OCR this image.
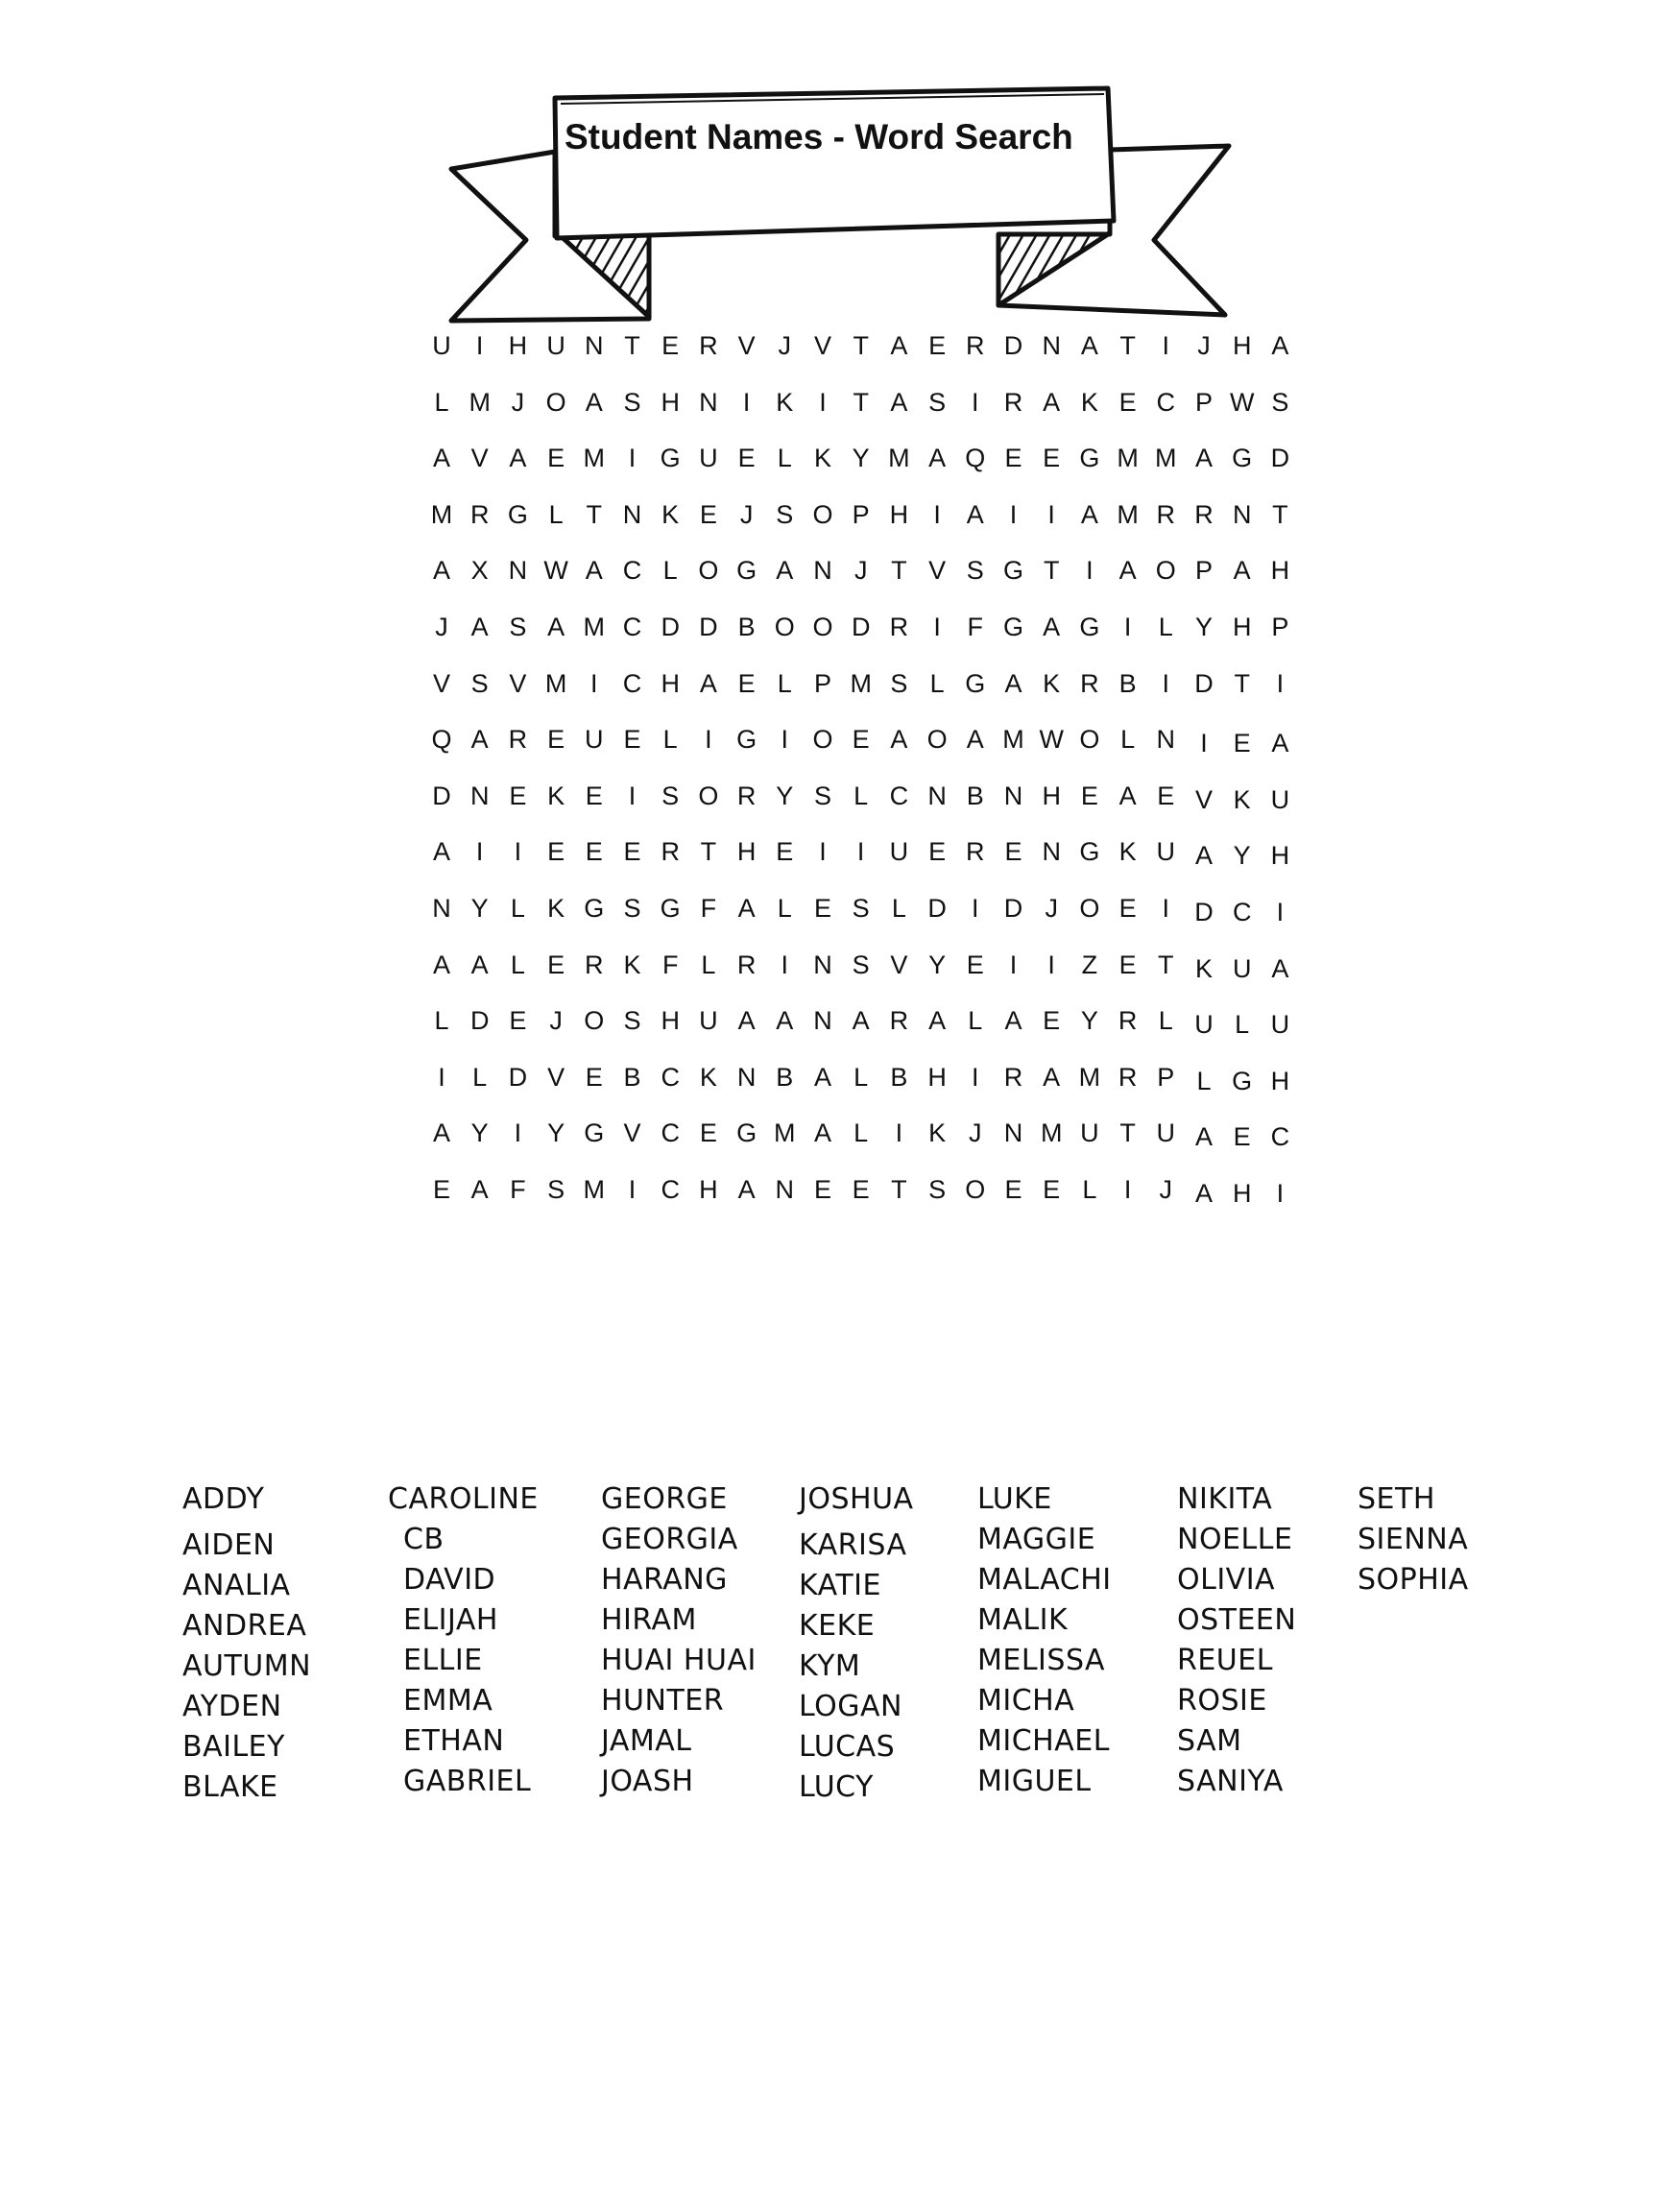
Student Names - Word Search
U I H U N T E R V J V T A E R D N A T	I	J H A
L M J O A S H N I K I	T A S I R A K E C P W S
A V A E M I G U E L K Y M A Q E E G M M A G D
M R G L T N K E J S O P H I A I	I A M R R N T
A X N W A C L O G A N J T V S G T	I A O P A H
J A S A M C D D B O O D R I	F G A G I	L Y H P
V S V M I C H A E L P M S L G A K R B I D T	I
Q A R E U E L	I G I O E A O A M W O L N I E A
D N E K E I S O R Y S L C N B N H E A E V K U
A I	I E E E R T H E I	I U E R E N G K U A Y H
N Y L K G S G F A L E S L D I D J O E I D C I
A A L E R K F L R I N S V Y E I	I	Z E T K U A
L D E J O S H U A A N A R A L A E Y R L U L U
I	L D V E B C K N B A L B H I R A M R P L G H
A Y I Y G V C E G M A L	I K J N M U T U A E C
E A F S M I C H A N E E T S O E E L	I	J A H I
ADDY
AIDEN
ANALIA
ANDREA
AUTUMN
AYDEN
BAILEY
BLAKE
CAROLINE
CB
DAVID
ELIJAH
ELLIE
EMMA
ETHAN
GABRIEL
GEORGE
GEORGIA
HARANG
HIRAM
HUAI HUAI
HUNTER
JAMAL
JOASH
JOSHUA
KARISA
KATIE
KEKE
KYM
LOGAN
LUCAS
LUCY
LUKE
MAGGIE
MALACHI
MALIK
MELISSA
MICHA
MICHAEL
MIGUEL
NIKITA
NOELLE
OLIVIA
OSTEEN
REUEL
ROSIE
SAM
SANIYA
SETH
SIENNA
SOPHIA
